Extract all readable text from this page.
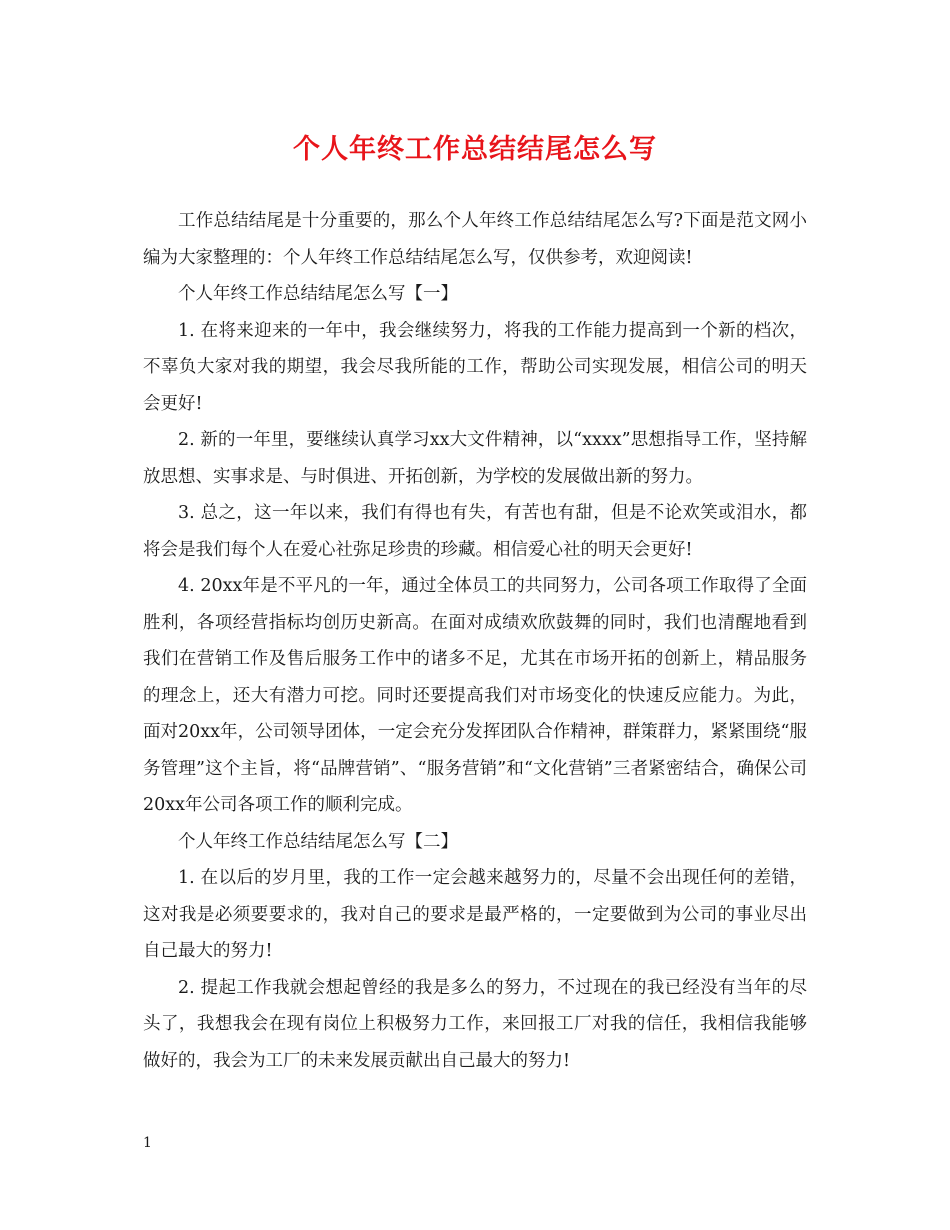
个人年终工作总结结尾怎么写

工作总结结尾是十分重要的，那么个人年终工作总结结尾怎么写?下面是范文网小编为大家整理的：个人年终工作总结结尾怎么写，仅供参考，欢迎阅读!

个人年终工作总结结尾怎么写【一】

1. 在将来迎来的一年中，我会继续努力，将我的工作能力提高到一个新的档次，不辜负大家对我的期望，我会尽我所能的工作，帮助公司实现发展，相信公司的明天会更好!

2. 新的一年里，要继续认真学习xx大文件精神，以“xxxx”思想指导工作，坚持解放思想、实事求是、与时俱进、开拓创新，为学校的发展做出新的努力。

3. 总之，这一年以来，我们有得也有失，有苦也有甜，但是不论欢笑或泪水，都将会是我们每个人在爱心社弥足珍贵的珍藏。相信爱心社的明天会更好!

4. 20xx年是不平凡的一年，通过全体员工的共同努力，公司各项工作取得了全面胜利，各项经营指标均创历史新高。在面对成绩欢欣鼓舞的同时，我们也清醒地看到我们在营销工作及售后服务工作中的诸多不足，尤其在市场开拓的创新上，精品服务的理念上，还大有潜力可挖。同时还要提高我们对市场变化的快速反应能力。为此，面对20xx年，公司领导团体，一定会充分发挥团队合作精神，群策群力，紧紧围绕“服务管理”这个主旨，将“品牌营销”、“服务营销”和“文化营销”三者紧密结合，确保公司20xx年公司各项工作的顺利完成。

个人年终工作总结结尾怎么写【二】

1. 在以后的岁月里，我的工作一定会越来越努力的，尽量不会出现任何的差错，这对我是必须要要求的，我对自己的要求是最严格的，一定要做到为公司的事业尽出自己最大的努力!

2. 提起工作我就会想起曾经的我是多么的努力，不过现在的我已经没有当年的尽头了，我想我会在现有岗位上积极努力工作，来回报工厂对我的信任，我相信我能够做好的，我会为工厂的未来发展贡献出自己最大的努力!

1
